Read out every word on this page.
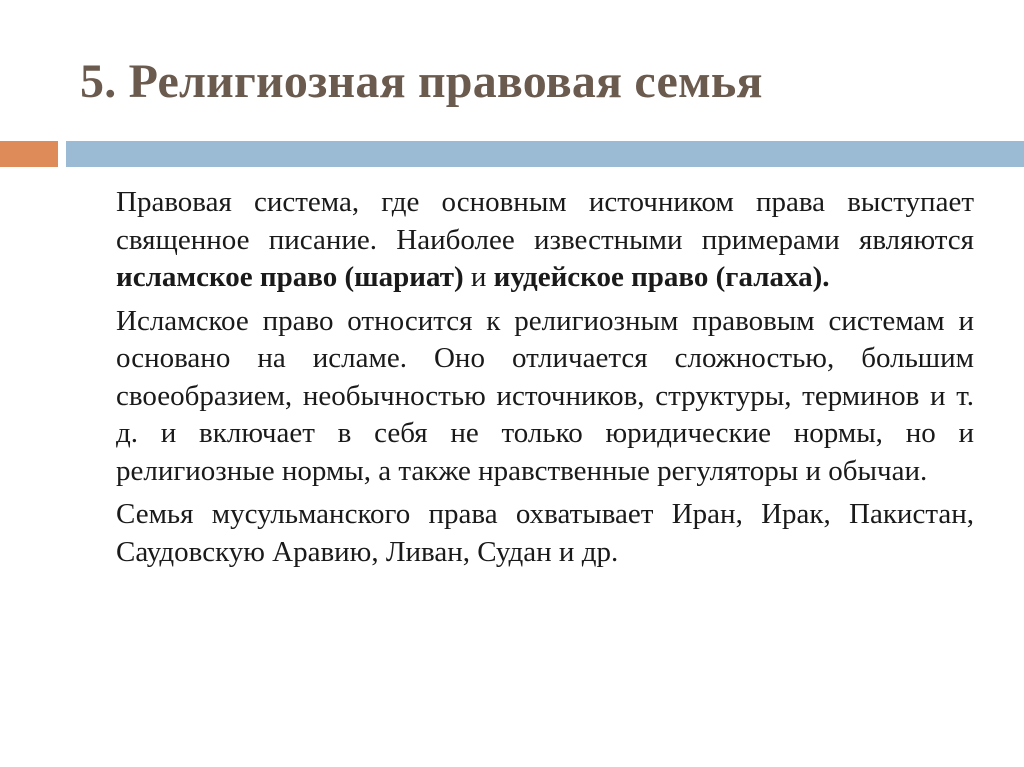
5. Религиозная правовая семья

Правовая система, где основным источником права выступает священное писание. Наиболее известными примерами являются исламское право (шариат) и иудейское право (галаха).

Исламское право относится к религиозным правовым системам и основано на исламе. Оно отличается сложностью, большим своеобразием, необычностью источников, структуры, терминов и т. д. и включает в себя не только юридические нормы, но и религиозные нормы, а также нравственные регуляторы и обычаи.

Семья мусульманского права охватывает Иран, Ирак, Пакистан, Саудовскую Аравию, Ливан, Судан и др.
